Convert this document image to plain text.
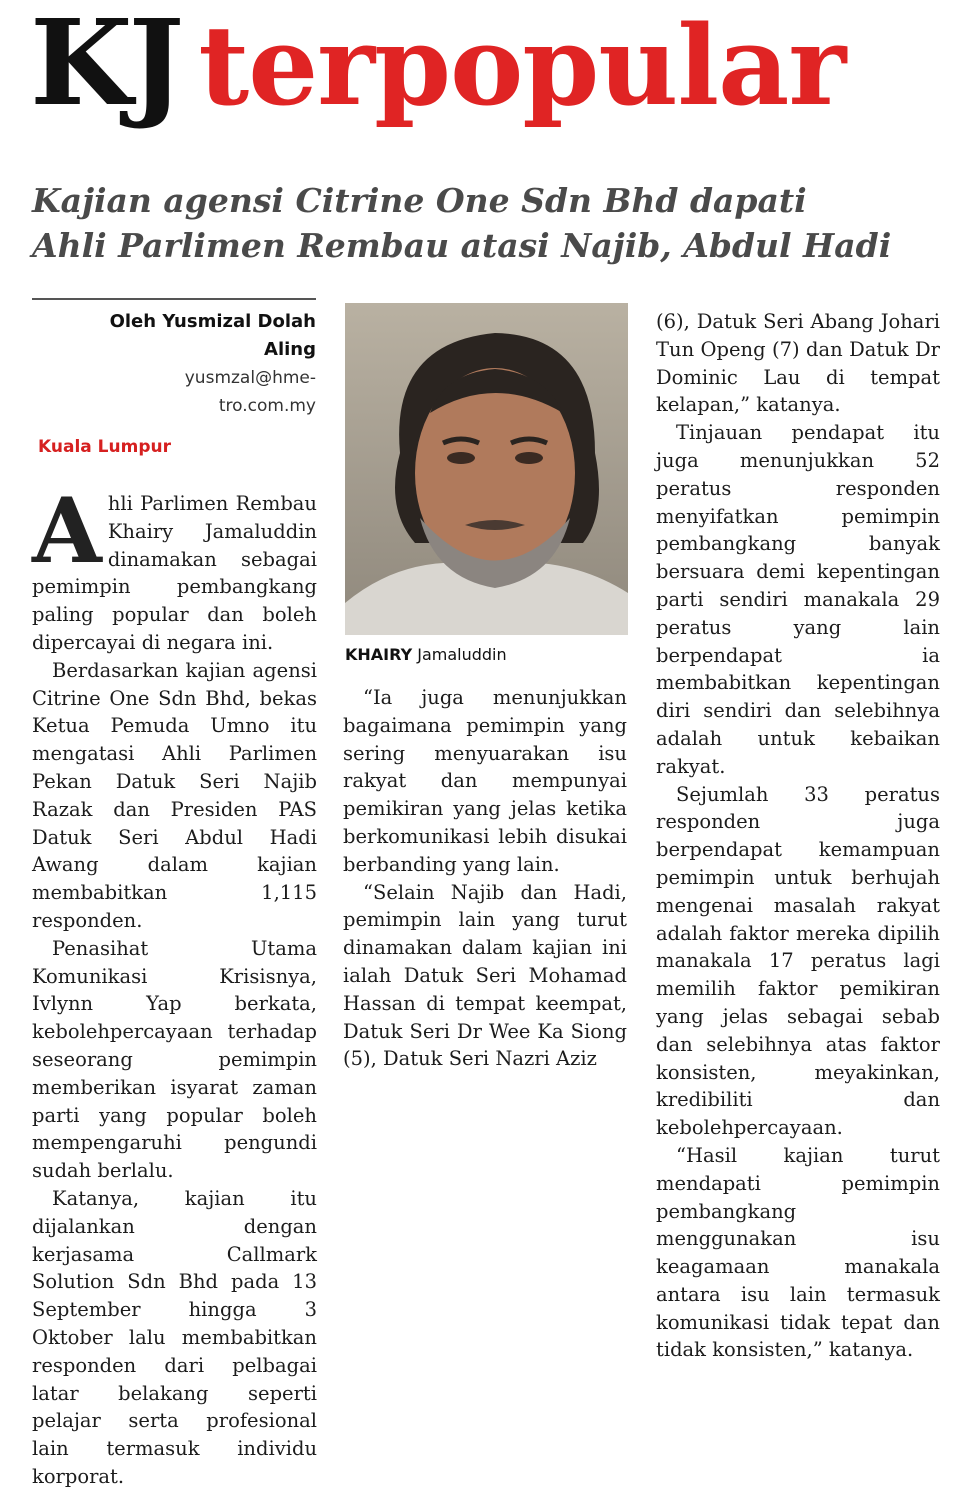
KJ terpopular
Kajian agensi Citrine One Sdn Bhd dapati
Ahli Parlimen Rembau atasi Najib, Abdul Hadi
Oleh Yusmizal Dolah
Aling
yusmzal@hme-
tro.com.my
Kuala Lumpur

Ahli Parlimen Rembau Khairy Jamaluddin dinamakan sebagai pemimpin pembangkang paling popular dan boleh dipercayai di negara ini.

Berdasarkan kajian agensi Citrine One Sdn Bhd, bekas Ketua Pemuda Umno itu mengatasi Ahli Parlimen Pekan Datuk Seri Najib Razak dan Presiden PAS Datuk Seri Abdul Hadi Awang dalam kajian membabitkan 1,115 responden.

Penasihat Utama Komunikasi Krisisnya, Ivlynn Yap berkata, kebolehpercayaan terhadap seseorang pemimpin memberikan isyarat zaman parti yang popular boleh mempengaruhi pengundi sudah berlalu.

Katanya, kajian itu dijalankan dengan kerjasama Callmark Solution Sdn Bhd pada 13 September hingga 3 Oktober lalu membabitkan responden dari pelbagai latar belakang seperti pelajar serta profesional lain termasuk individu korporat.

KHAIRY Jamaluddin

“Ia juga menunjukkan bagaimana pemimpin yang sering menyuarakan isu rakyat dan mempunyai pemikiran yang jelas ketika berkomunikasi lebih disukai berbanding yang lain.

“Selain Najib dan Hadi, pemimpin lain yang turut dinamakan dalam kajian ini ialah Datuk Seri Mohamad Hassan di tempat keempat, Datuk Seri Dr Wee Ka Siong (5), Datuk Seri Nazri Aziz

(6), Datuk Seri Abang Johari Tun Openg (7) dan Datuk Dr Dominic Lau di tempat kelapan,” katanya.

Tinjauan pendapat itu juga menunjukkan 52 peratus responden menyifatkan pemimpin pembangkang banyak bersuara demi kepentingan parti sendiri manakala 29 peratus yang lain berpendapat ia membabitkan kepentingan diri sendiri dan selebihnya adalah untuk kebaikan rakyat.

Sejumlah 33 peratus responden juga berpendapat kemampuan pemimpin untuk berhujah mengenai masalah rakyat adalah faktor mereka dipilih manakala 17 peratus lagi memilih faktor pemikiran yang jelas sebagai sebab dan selebihnya atas faktor konsisten, meyakinkan, kredibiliti dan kebolehpercayaan.

“Hasil kajian turut mendapati pemimpin pembangkang menggunakan isu keagamaan manakala antara isu lain termasuk komunikasi tidak tepat dan tidak konsisten,” katanya.
